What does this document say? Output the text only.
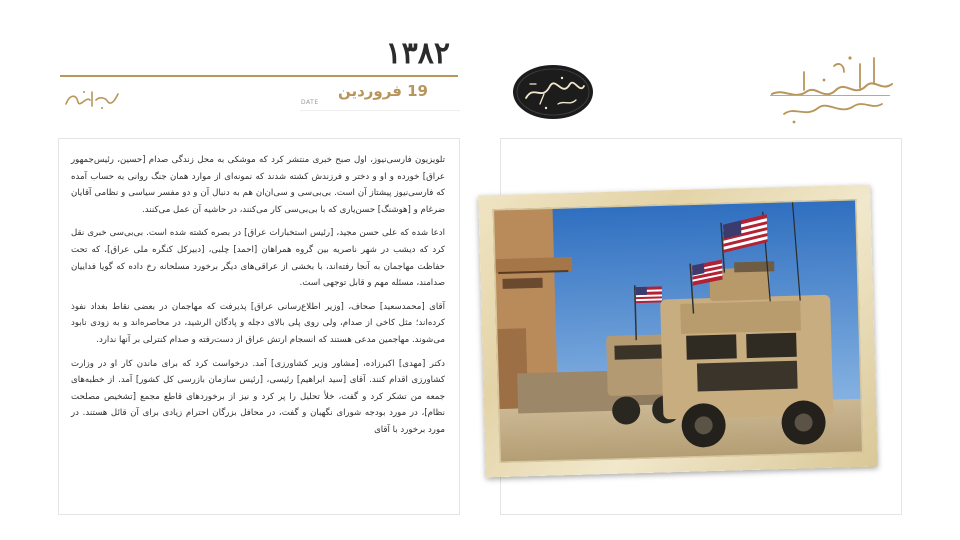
۱۳۸۲
19 فروردین
DATE

تلویزیون فارسی‌نیوز، اول صبح خبری منتشر کرد که موشکی به محل زندگی صدام [حسین، رئیس‌جمهور عراق] خورده و او و دختر و فرزندش کشته شدند که نمونه‌ای از موارد همان جنگ روانی به حساب آمده که فارسی‌نیوز پیشتاز آن است. بی‌بی‌سی و سی‌ان‌ان هم به دنبال آن و دو مفسر سیاسی و نظامی آقایان ضرغام و [هوشنگ] حسن‌یاری که با بی‌بی‌سی کار می‌کنند، در حاشیه آن عمل می‌کنند.

ادعا شده که علی حسن مجید، [رئیس استخبارات عراق] در بصره کشته شده است. بی‌بی‌سی خبری نقل کرد که دیشب در شهر ناصریه بین گروه همراهان [احمد] چلبی، [دبیرکل کنگره ملی عراق]، که تحت حفاظت مهاجمان به آنجا رفته‌اند، با بخشی از عراقی‌های دیگر برخورد مسلحانه رخ داده که گویا فداییان صدامند، مسئله مهم و قابل توجهی است.

آقای [محمدسعید] صحاف، [وزیر اطلاع‌رسانی عراق] پذیرفت که مهاجمان در بعضی نقاط بغداد نفوذ کرده‌اند؛ مثل کاخی از صدام، ولی روی پلی بالای دجله و پادگان الرشید، در محاصره‌اند و به زودی نابود می‌شوند. مهاجمین مدعی هستند که انسجام ارتش عراق از دست‌رفته و صدام کنترلی بر آنها ندارد.

دکتر [مهدی] اکبرزاده، [مشاور وزیر کشاورزی] آمد. درخواست کرد که برای ماندن کار او در وزارت کشاورزی اقدام کنند. آقای [سید ابراهیم] رئیسی، [رئیس سازمان بازرسی کل کشور] آمد. از خطبه‌های جمعه من تشکر کرد و گفت، خلأ تحلیل را پر کرد و نیز از برخوردهای قاطع مجمع [تشخیص مصلحت نظام]، در مورد بودجه شورای نگهبان و گفت، در محافل بزرگان احترام زیادی برای آن قائل هستند. در مورد برخورد با آقای
